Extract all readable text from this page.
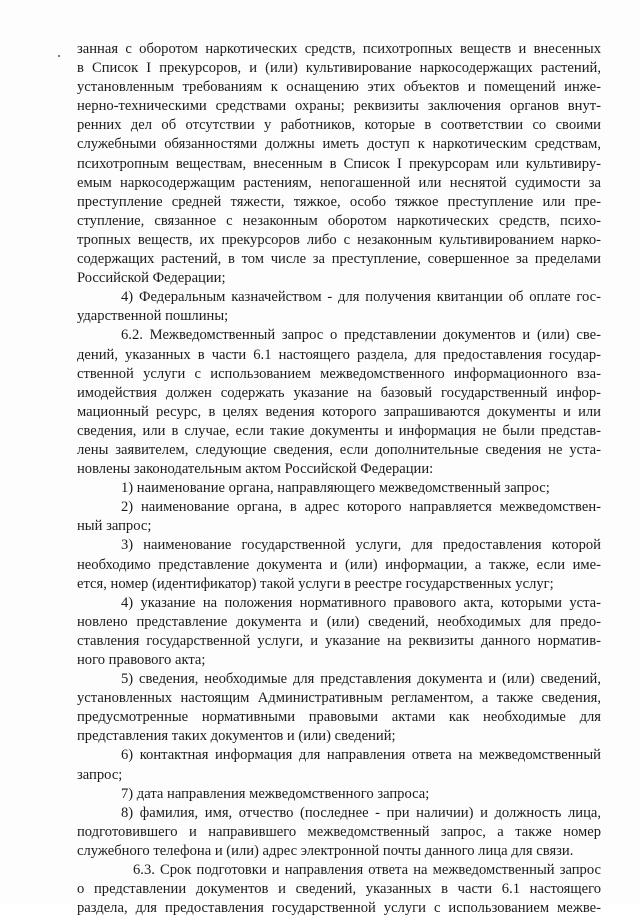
занная с оборотом наркотических средств, психотропных веществ и внесенных
в Список I прекурсоров, и (или) культивирование наркосодержащих растений,
установленным требованиям к оснащению этих объектов и помещений инже-
нерно-техническими средствами охраны; реквизиты заключения органов внут-
ренних дел об отсутствии у работников, которые в соответствии со своими
служебными обязанностями должны иметь доступ к наркотическим средствам,
психотропным веществам, внесенным в Список I прекурсорам или культивиру-
емым наркосодержащим растениям, непогашенной или неснятой судимости за
преступление средней тяжести, тяжкое, особо тяжкое преступление или пре-
ступление, связанное с незаконным оборотом наркотических средств, психо-
тропных веществ, их прекурсоров либо с незаконным культивированием нарко-
содержащих растений, в том числе за преступление, совершенное за пределами
Российской Федерации;
4) Федеральным казначейством - для получения квитанции об оплате гос-
ударственной пошлины;
6.2. Межведомственный запрос о представлении документов и (или) све-
дений, указанных в части 6.1 настоящего раздела, для предоставления государ-
ственной услуги с использованием межведомственного информационного вза-
имодействия должен содержать указание на базовый государственный инфор-
мационный ресурс, в целях ведения которого запрашиваются документы и или
сведения, или в случае, если такие документы и информация не были представ-
лены заявителем, следующие сведения, если дополнительные сведения не уста-
новлены законодательным актом Российской Федерации:
1) наименование органа, направляющего межведомственный запрос;
2) наименование органа, в адрес которого направляется межведомствен-
ный запрос;
3) наименование государственной услуги, для предоставления которой
необходимо представление документа и (или) информации, а также, если име-
ется, номер (идентификатор) такой услуги в реестре государственных услуг;
4) указание на положения нормативного правового акта, которыми уста-
новлено представление документа и (или) сведений, необходимых для предо-
ставления государственной услуги, и указание на реквизиты данного норматив-
ного правового акта;
5) сведения, необходимые для представления документа и (или) сведений,
установленных настоящим Административным регламентом, а также сведения,
предусмотренные нормативными правовыми актами как необходимые для
представления таких документов и (или) сведений;
6) контактная информация для направления ответа на межведомственный
запрос;
7) дата направления межведомственного запроса;
8) фамилия, имя, отчество (последнее - при наличии) и должность лица,
подготовившего и направившего межведомственный запрос, а также номер
служебного телефона и (или) адрес электронной почты данного лица для связи.
6.3. Срок подготовки и направления ответа на межведомственный запрос
о представлении документов и сведений, указанных в части 6.1 настоящего
раздела, для предоставления государственной услуги с использованием межве-
